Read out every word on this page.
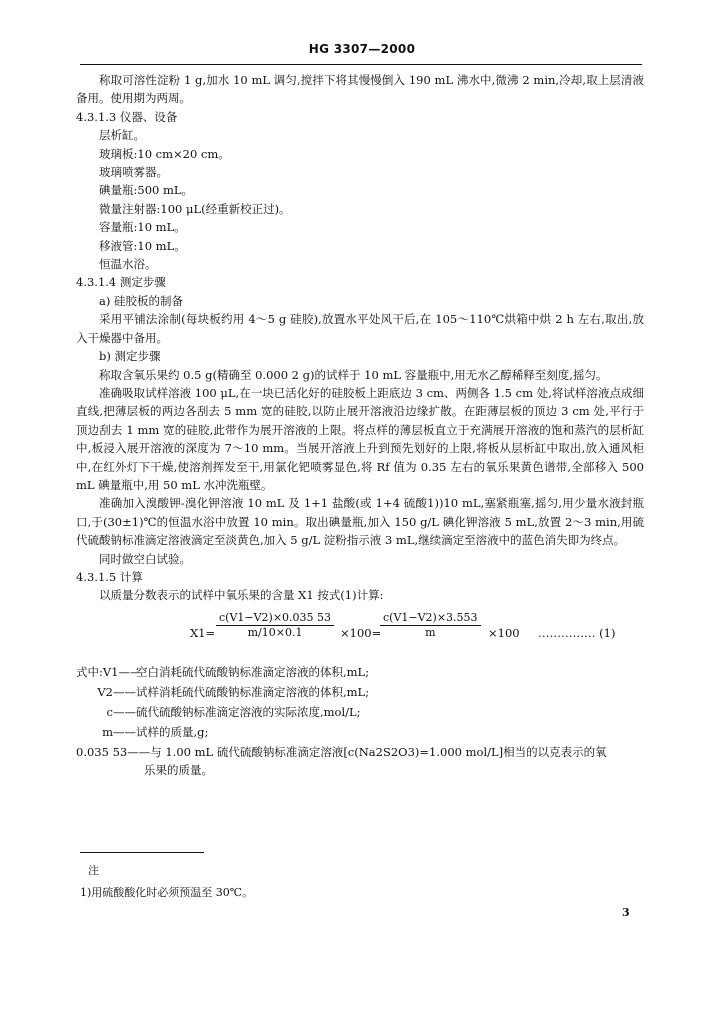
HG 3307—2000

称取可溶性淀粉 1 g,加水 10 mL 调匀,搅拌下将其慢慢倒入 190 mL 沸水中,微沸 2 min,冷却,取上层清液备用。使用期为两周。

4.3.1.3 仪器、设备
层析缸。
玻璃板:10 cm×20 cm。
玻璃喷雾器。
碘量瓶:500 mL。
微量注射器:100 μL(经重新校正过)。
容量瓶:10 mL。
移液管:10 mL。
恒温水浴。
4.3.1.4 测定步骤
a) 硅胶板的制备

采用平铺法涂制(每块板约用 4～5 g 硅胶),放置水平处风干后,在 105～110℃烘箱中烘 2 h 左右,取出,放入干燥器中备用。

b) 测定步骤

称取含氧乐果约 0.5 g(精确至 0.000 2 g)的试样于 10 mL 容量瓶中,用无水乙醇稀释至刻度,摇匀。

准确吸取试样溶液 100 μL,在一块已活化好的硅胶板上距底边 3 cm、两侧各 1.5 cm 处,将试样溶液点成细直线,把薄层板的两边各刮去 5 mm 宽的硅胶,以防止展开溶液沿边缘扩散。在距薄层板的顶边 3 cm 处,平行于顶边刮去 1 mm 宽的硅胶,此带作为展开溶液的上限。将点样的薄层板直立于充满展开溶液的饱和蒸汽的层析缸中,板浸入展开溶液的深度为 7～10 mm。当展开溶液上升到预先划好的上限,将板从层析缸中取出,放入通风柜中,在红外灯下干燥,使溶剂挥发至干,用氯化钯喷雾显色,将 Rf 值为 0.35 左右的氧乐果黄色谱带,全部移入 500 mL 碘量瓶中,用 50 mL 水冲洗瓶壁。

准确加入溴酸钾-溴化钾溶液 10 mL 及 1+1 盐酸(或 1+4 硫酸1))10 mL,塞紧瓶塞,摇匀,用少量水液封瓶口,于(30±1)℃的恒温水浴中放置 10 min。取出碘量瓶,加入 150 g/L 碘化钾溶液 5 mL,放置 2～3 min,用硫代硫酸钠标准滴定溶液滴定至淡黄色,加入 5 g/L 淀粉指示液 3 mL,继续滴定至溶液中的蓝色消失即为终点。

同时做空白试验。

4.3.1.5 计算

以质量分数表示的试样中氧乐果的含量 X1 按式(1)计算:

$X1= \frac{c(V1-V2)\times 0.035 53}{m/10\times 0.1} \times 100=$
$\frac{c(V1-V2)\times 3.553}{m} \times 100$ …………… (1)
式中:V1——
空白消耗硫代硫酸钠标准滴定溶液的体积,mL;
V2—— 试样消耗硫代硫酸钠标准滴定溶液的体积,mL;
c—— 硫代硫酸钠标准滴定溶液的实际浓度,mol/L;
m—— 试样的质量,g;
0.035 53——与 1.00 mL 硫代硫酸钠标准滴定溶液[c(Na2S2O3)=1.000 mol/L]相当的以克表示的氧
乐果的质量。
注
1)用硫酸酸化时必须预温至 30℃。
3
